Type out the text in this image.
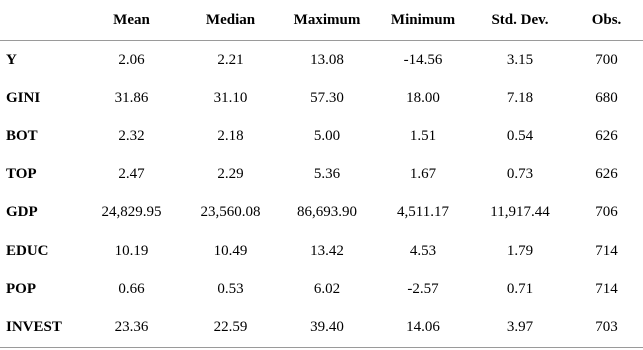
	Mean	Median	Maximum	Minimum	Std. Dev.	Obs.
Y	2.06	2.21	13.08	-14.56	3.15	700
GINI	31.86	31.10	57.30	18.00	7.18	680
BOT	2.32	2.18	5.00	1.51	0.54	626
TOP	2.47	2.29	5.36	1.67	0.73	626
GDP	24,829.95	23,560.08	86,693.90	4,511.17	11,917.44	706
EDUC	10.19	10.49	13.42	4.53	1.79	714
POP	0.66	0.53	6.02	-2.57	0.71	714
INVEST	23.36	22.59	39.40	14.06	3.97	703
